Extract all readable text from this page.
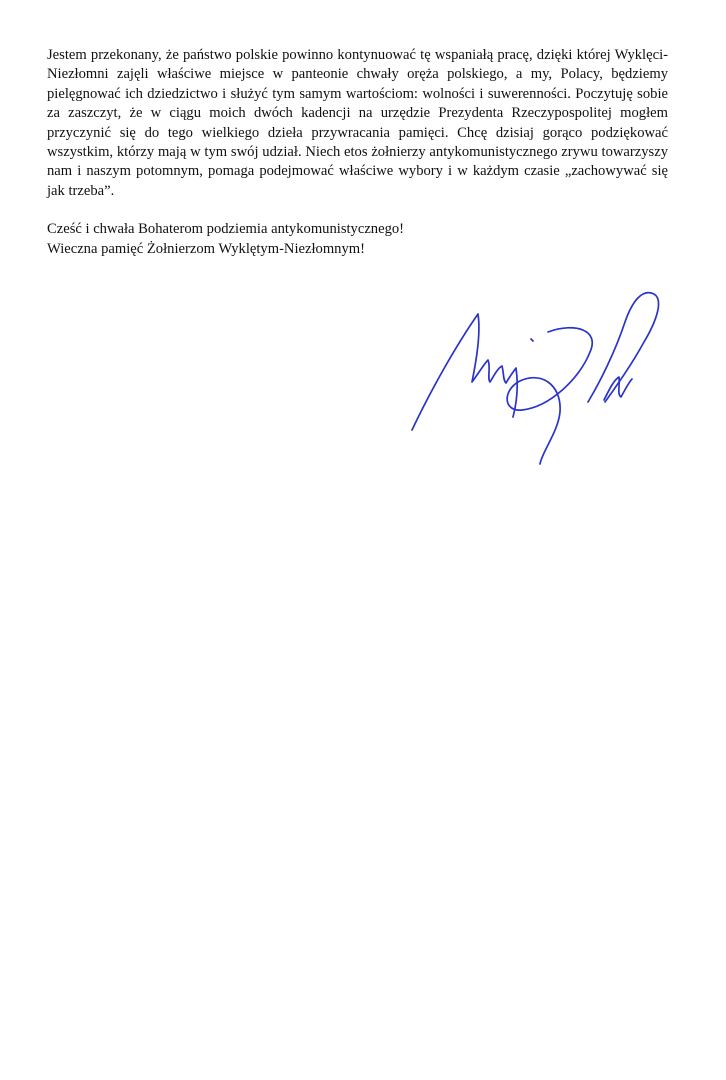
Jestem przekonany, że państwo polskie powinno kontynuować tę wspaniałą pracę, dzięki której Wyklęci-Niezłomni zajęli właściwe miejsce w panteonie chwały oręża polskiego, a my, Polacy, będziemy pielęgnować ich dziedzictwo i służyć tym samym wartościom: wolności i suwerenności. Poczytuję sobie za zaszczyt, że w ciągu moich dwóch kadencji na urzędzie Prezydenta Rzeczypospolitej mogłem przyczynić się do tego wielkiego dzieła przywracania pamięci. Chcę dzisiaj gorąco podziękować wszystkim, którzy mają w tym swój udział. Niech etos żołnierzy antykomunistycznego zrywu towarzyszy nam i naszym potomnym, pomaga podejmować właściwe wybory i w każdym czasie „zachowywać się jak trzeba”.

Cześć i chwała Bohaterom podziemia antykomunistycznego!
Wieczna pamięć Żołnierzom Wyklętym-Niezłomnym!
